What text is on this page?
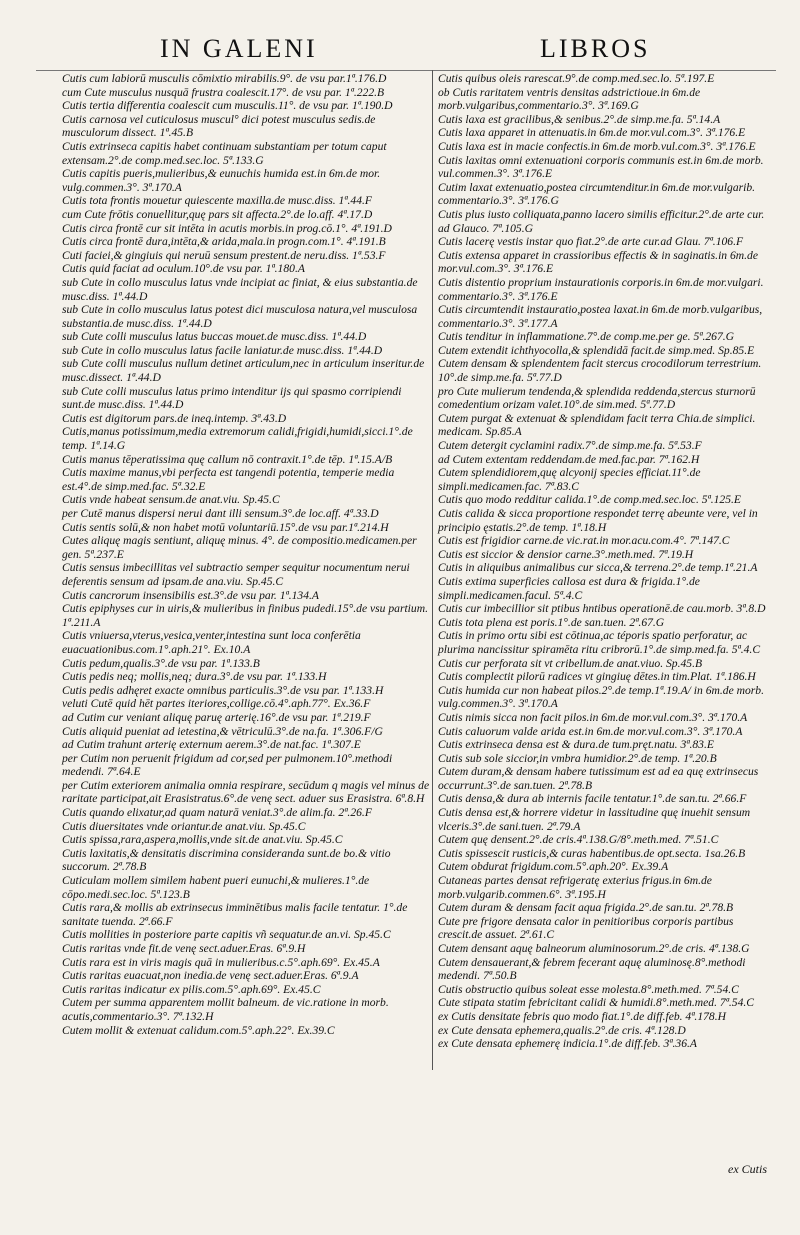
IN GALENI	LIBROS
Cutis cum labiorū musculis cōmixtio mirabilis.9°. de vsu par.1ª.176.D
cum Cute musculus nusquā frustra coalescit.17°. de vsu par. 1ª.222.B
Cutis tertia differentia coalescit cum musculis.11°. de vsu par. 1ª.190.D
Cutis carnosa vel cuticulosus muscul° dici potest musculus sedis.de musculorum dissect. 1ª.45.B
Cutis extrinseca capitis habet continuam substantiam per totum caput extensam.2°.de comp.med.sec.loc. 5ª.133.G
Cutis capitis pueris,mulieribus,& eunuchis humida est.in 6m.de mor. vulg.commen.3°. 3ª.170.A
Cutis tota frontis mouetur quiescente maxilla.de musc.diss. 1ª.44.F
cum Cute frōtis conuellitur,quę pars sit affecta.2°.de lo.aff. 4ª.17.D
Cutis circa frontē cur sit intēta in acutis morbis.in prog.cō.1°. 4ª.191.D
Cutis circa frontē dura,intēta,& arida,mala.in progn.com.1°. 4ª.191.B
Cuti faciei,& gingiuis qui neruū sensum prestent.de neru.diss. 1ª.53.F
Cutis quid faciat ad oculum.10°.de vsu par. 1ª.180.A
sub Cute in collo musculus latus vnde incipiat ac finiat, & eius substantia.de musc.diss. 1ª.44.D
sub Cute in collo musculus latus potest dici musculosa natura,vel musculosa substantia.de musc.diss. 1ª.44.D
sub Cute colli musculus latus buccas mouet.de musc.diss. 1ª.44.D
sub Cute in collo musculus latus facile laniatur.de musc.diss. 1ª.44.D
sub Cute colli musculus nullum detinet articulum,nec in articulum inseritur.de musc.dissect. 1ª.44.D
sub Cute colli musculus latus primo intenditur ijs qui spasmo corripiendi sunt.de musc.diss. 1ª.44.D
Cutis est digitorum pars.de ineq.intemp. 3ª.43.D
Cutis,manus potissimum,media extremorum calidi,frigidi,humidi,sicci.1°.de temp. 1ª.14.G
Cutis manus tēperatissima quę callum nō contraxit.1°.de tēp. 1ª.15.A/B
Cutis maxime manus,vbi perfecta est tangendi potentia, temperie media est.4°.de simp.med.fac. 5ª.32.E
Cutis vnde habeat sensum.de anat.viu. Sp.45.C
per Cutē manus dispersi nerui dant illi sensum.3°.de loc.aff. 4ª.33.D
Cutis sentis solū,& non habet motū voluntariū.15°.de vsu par.1ª.214.H
Cutes aliquę magis sentiunt, aliquę minus. 4°. de compositio.medicamen.per gen. 5ª.237.E
Cutis sensus imbecillitas vel subtractio semper sequitur nocumentum nerui deferentis sensum ad ipsam.de ana.viu. Sp.45.C
Cutis cancrorum insensibilis est.3°.de vsu par. 1ª.134.A
Cutis epiphyses cur in uiris,& mulieribus in finibus pudedi.15°.de vsu partium. 1ª.211.A
Cutis vniuersa,vterus,vesica,venter,intestina sunt loca conferētia euacuationibus.com.1°.aph.21°. Ex.10.A
Cutis pedum,qualis.3°.de vsu par. 1ª.133.B
Cutis pedis neq; mollis,neq; dura.3°.de vsu par. 1ª.133.H
Cutis pedis adhęret exacte omnibus particulis.3°.de vsu par. 1ª.133.H
veluti Cutē quid hēt partes iteriores,collige.cō.4°.aph.77°. Ex.36.F
ad Cutim cur veniant aliquę paruę arterię.16°.de vsu par. 1ª.219.F
Cutis aliquid pueniat ad ietestina,& vētriculū.3°.de na.fa. 1ª.306.F/G
ad Cutim trahunt arterię externum aerem.3°.de nat.fac. 1ª.307.E
per Cutim non peruenit frigidum ad cor,sed per pulmonem.10°.methodi medendi. 7ª.64.E
per Cutim exteriorem animalia omnia respirare, secūdum q magis vel minus de raritate participat,ait Erasistratus.6°.de venę sect. aduer sus Erasistra. 6ª.8.H
Cutis quando elixatur,ad quam naturā veniat.3°.de alim.fa. 2ª.26.F
Cutis diuersitates vnde oriantur.de anat.viu. Sp.45.C
Cutis spissa,rara,aspera,mollis,vnde sit.de anat.viu. Sp.45.C
Cutis laxitatis,& densitatis discrimina consideranda sunt.de bo.& vitio succorum. 2ª.78.B
Cuticulam mollem similem habent pueri eunuchi,& mulieres.1°.de cōpo.medi.sec.loc. 5ª.123.B
Cutis rara,& mollis ab extrinsecus imminētibus malis facile tentatur. 1°.de sanitate tuenda. 2ª.66.F
Cutis mollities in posteriore parte capitis vñ sequatur.de an.vi. Sp.45.C
Cutis raritas vnde fit.de venę sect.aduer.Eras. 6ª.9.H
Cutis rara est in viris magis quā in mulieribus.c.5°.aph.69°. Ex.45.A
Cutis raritas euacuat,non inedia.de venę sect.aduer.Eras. 6ª.9.A
Cutis raritas indicatur ex pilis.com.5°.aph.69°. Ex.45.C
Cutem per summa apparentem mollit balneum. de vic.ratione in morb. acutis,commentario.3°. 7ª.132.H
Cutem mollit & extenuat calidum.com.5°.aph.22°. Ex.39.C
Cutis quibus oleis rarescat.9°.de comp.med.sec.lo. 5ª.197.E
ob Cutis raritatem ventris densitas adstrictioue.in 6m.de morb.vulgaribus,commentario.3°. 3ª.169.G
Cutis laxa est gracilibus,& senibus.2°.de simp.me.fa. 5ª.14.A
Cutis laxa apparet in attenuatis.in 6m.de mor.vul.com.3°. 3ª.176.E
Cutis laxa est in macie confectis.in 6m.de morb.vul.com.3°. 3ª.176.E
Cutis laxitas omni extenuationi corporis communis est.in 6m.de morb. vul.commen.3°. 3ª.176.E
Cutim laxat extenuatio,postea circumtenditur.in 6m.de mor.vulgarib. commentario.3°. 3ª.176.G
Cutis plus iusto colliquata,panno lacero similis efficitur.2°.de arte cur. ad Glauco. 7ª.105.G
Cutis lacerę vestis instar quo fiat.2°.de arte cur.ad Glau. 7ª.106.F
Cutis extensa apparet in crassioribus effectis & in saginatis.in 6m.de mor.vul.com.3°. 3ª.176.E
Cutis distentio proprium instaurationis corporis.in 6m.de mor.vulgari. commentario.3°. 3ª.176.E
Cutis circumtendit instauratio,postea laxat.in 6m.de morb.vulgaribus, commentario.3°. 3ª.177.A
Cutis tenditur in inflammatione.7°.de comp.me.per ge. 5ª.267.G
Cutem extendit ichthyocolla,& splendidā facit.de simp.med. Sp.85.E
Cutem densam & splendentem facit stercus crocodilorum terrestrium. 10°.de simp.me.fa. 5ª.77.D
pro Cute mulierum tendenda,& splendida reddenda,stercus sturnorū comedentium orizam valet.10°.de sim.med. 5ª.77.D
Cutem purgat & extenuat & splendidam facit terra Chia.de simplici. medicam. Sp.85.A
Cutem detergit cyclamini radix.7°.de simp.me.fa. 5ª.53.F
ad Cutem extentam reddendam.de med.fac.par. 7ª.162.H
Cutem splendidiorem,quę alcyonij species efficiat.11°.de simpli.medicamen.fac. 7ª.83.C
Cutis quo modo redditur calida.1°.de comp.med.sec.loc. 5ª.125.E
Cutis calida & sicca proportione respondet terrę abeunte vere, vel in principio ęstatis.2°.de temp. 1ª.18.H
Cutis est frigidior carne.de vic.rat.in mor.acu.com.4°. 7ª.147.C
Cutis est siccior & densior carne.3°.meth.med. 7ª.19.H
Cutis in aliquibus animalibus cur sicca,& terrena.2°.de temp.1ª.21.A
Cutis extima superficies callosa est dura & frigida.1°.de simpli.medicamen.facul. 5ª.4.C
Cutis cur imbecillior sit ptibus hntibus operationē.de cau.morb. 3ª.8.D
Cutis tota plena est poris.1°.de san.tuen. 2ª.67.G
Cutis in primo ortu sibi est cōtinua,ac téporis spatio perforatur, ac plurima nancissitur spiramēta ritu cribrorū.1°.de simp.med.fa. 5ª.4.C
Cutis cur perforata sit vt cribellum.de anat.viuo. Sp.45.B
Cutis complectit pilorū radices vt gingiuę dētes.in tim.Plat. 1ª.186.H
Cutis humida cur non habeat pilos.2°.de temp.1ª.19.A/ in 6m.de morb. vulg.commen.3°. 3ª.170.A
Cutis nimis sicca non facit pilos.in 6m.de mor.vul.com.3°. 3ª.170.A
Cutis caluorum valde arida est.in 6m.de mor.vul.com.3°. 3ª.170.A
Cutis extrinseca densa est & dura.de tum.pręt.natu. 3ª.83.E
Cutis sub sole siccior,in vmbra humidior.2°.de temp. 1ª.20.B
Cutem duram,& densam habere tutissimum est ad ea quę extrinsecus occurrunt.3°.de san.tuen. 2ª.78.B
Cutis densa,& dura ab internis facile tentatur.1°.de san.tu. 2ª.66.F
Cutis densa est,& horrere videtur in lassitudine quę inuehit sensum vlceris.3°.de sani.tuen. 2ª.79.A
Cutem quę densent.2°.de cris.4ª.138.G/8°.meth.med. 7ª.51.C
Cutis spissescit rusticis,& curas habentibus.de opt.secta. 1sa.26.B
Cutem obdurat frigidum.com.5°.aph.20°. Ex.39.A
Cutaneas partes densat refrigeratę exterius frigus.in 6m.de morb.vulgarib.commen.6°. 3ª.195.H
Cutem duram & densam facit aqua frigida.2°.de san.tu. 2ª.78.B
Cute pre frigore densata calor in penitioribus corporis partibus crescit.de assuet. 2ª.61.C
Cutem densant aquę balneorum aluminosorum.2°.de cris. 4ª.138.G
Cutem densauerant,& febrem fecerant aquę aluminosę.8°.methodi medendi. 7ª.50.B
Cutis obstructio quibus soleat esse molesta.8°.meth.med. 7ª.54.C
Cute stipata statim febricitant calidi & humidi.8°.meth.med. 7ª.54.C
ex Cutis densitate febris quo modo fiat.1°.de diff.feb. 4ª.178.H
ex Cute densata ephemera,qualis.2°.de cris. 4ª.128.D
ex Cute densata ephemerę indicia.1°.de diff.feb. 3ª.36.A
ex Cutis
